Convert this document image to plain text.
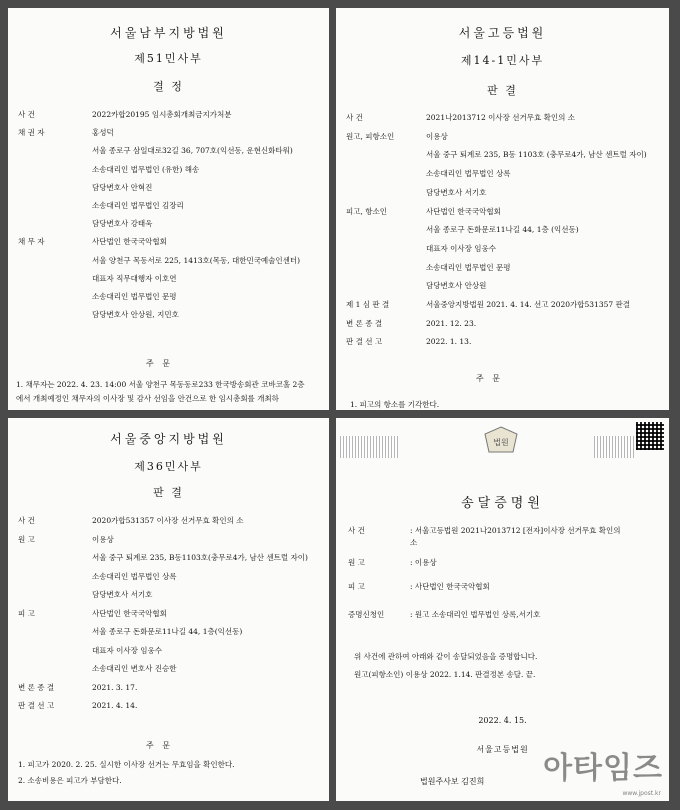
서울남부지방법원
제51민사부
결 정
사 건	2022카합20195 임시총회개최금지가처분
채 권 자	홍성덕
서울 종로구 삼일대로32길 36, 707호(익선동, 운현신화타워)
소송대리인 법무법인 (유한) 해송
담당변호사 안혁진
소송대리인 법무법인 김장리
담당변호사 강태욱
채 무 자	사단법인 한국국악협회
서울 양천구 목동서로 225, 1413호(목동, 대한민국예술인센터)
대표자 직무대행자 이호연
소송대리인 법무법인 문평
담당변호사 안상원, 지민호
주 문
1. 채무자는 2022. 4. 23. 14:00 서울 양천구 목동동로233 한국방송회관 코바코홀 2층
에서 개최예정인 채무자의 이사장 및 감사 선임을 안건으로 한 임시총회를 개최하
서울고등법원
제14-1민사부
판 결
사 건	2021나2013712 이사장 선거무효 확인의 소
원고, 피항소인	이용상
서울 중구 퇴계로 235, B동 1103호 (충무로4가, 남산 센트럴 자이)
소송대리인 법무법인 상록
담당변호사 서기호
피고, 항소인	사단법인 한국국악협회
서울 종로구 돈화문로11나길 44, 1층 (익선동)
대표자 이사장 임웅수
소송대리인 법무법인 문평
담당변호사 안상원
제 1 심 판 결	서울중앙지방법원 2021. 4. 14. 선고 2020가합531357 판결
변 론 종 결	2021. 12. 23.
판 결 선 고	2022. 1. 13.
주 문
1. 피고의 항소를 기각한다.
서울중앙지방법원
제36민사부
판 결
사 건	2020가합531357 이사장 선거무효 확인의 소
원 고	이용상
서울 중구 퇴계로 235, B동1103호(충무로4가, 남산 센트럴 자이)
소송대리인 법무법인 상록
담당변호사 서기호
피 고	사단법인 한국국악협회
서울 종로구 돈화문로11나길 44, 1층(익선동)
대표자 이사장 임웅수
소송대리인 변호사 진승한
변 론 종 결	2021. 3. 17.
판 결 선 고	2021. 4. 14.
주 문
1. 피고가 2020. 2. 25. 실시한 이사장 선거는 무효임을 확인한다.
2. 소송비용은 피고가 부담한다.
법원
송달증명원
사 건	: 서울고등법원 2021나2013712 [전자]이사장 선거무효 확인의
소
원 고	: 이용상
피 고	: 사단법인 한국국악협회
증명신청인	: 원고 소송대리인 법무법인 상록,서기호
위 사건에 관하여 아래와 같이 송달되었음을 증명합니다.
원고(피항소인) 이용상 2022. 1.14. 판결정본 송달. 끝.
2022. 4. 15.
서울고등법원
법원주사보 김진희 아타임즈
www.jpost.kr
